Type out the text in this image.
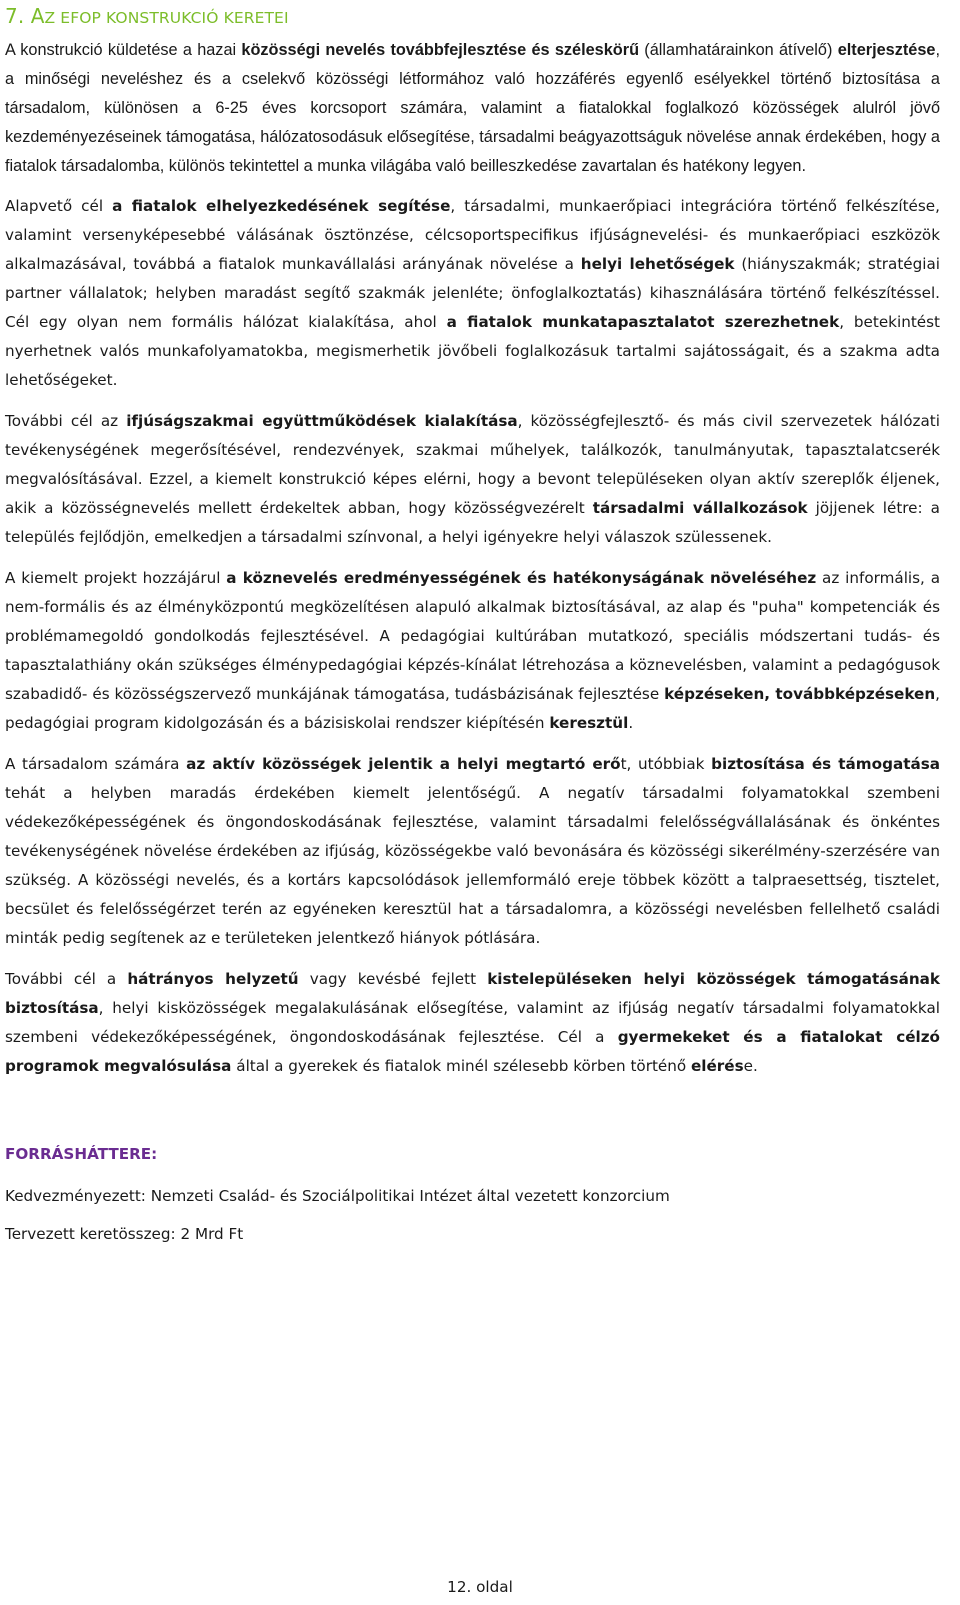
7. AZ EFOP KONSTRUKCIÓ KERETEI

A konstrukció küldetése a hazai közösségi nevelés továbbfejlesztése és széleskörű (államhatárainkon átívelő) elterjesztése, a minőségi neveléshez és a cselekvő közösségi létformához való hozzáférés egyenlő esélyekkel történő biztosítása a társadalom, különösen a 6-25 éves korcsoport számára, valamint a fiatalokkal foglalkozó közösségek alulról jövő kezdeményezéseinek támogatása, hálózatosodásuk elősegítése, társadalmi beágyazottságuk növelése annak érdekében, hogy a fiatalok társadalomba, különös tekintettel a munka világába való beilleszkedése zavartalan és hatékony legyen.

Alapvető cél a fiatalok elhelyezkedésének segítése, társadalmi, munkaerőpiaci integrációra történő felkészítése, valamint versenyképesebbé válásának ösztönzése, célcsoportspecifikus ifjúságnevelési- és munkaerőpiaci eszközök alkalmazásával, továbbá a fiatalok munkavállalási arányának növelése a helyi lehetőségek (hiányszakmák; stratégiai partner vállalatok; helyben maradást segítő szakmák jelenléte; önfoglalkoztatás) kihasználására történő felkészítéssel. Cél egy olyan nem formális hálózat kialakítása, ahol a fiatalok munkatapasztalatot szerezhetnek, betekintést nyerhetnek valós munkafolyamatokba, megismerhetik jövőbeli foglalkozásuk tartalmi sajátosságait, és a szakma adta lehetőségeket.

További cél az ifjúságszakmai együttműködések kialakítása, közösségfejlesztő- és más civil szervezetek hálózati tevékenységének megerősítésével, rendezvények, szakmai műhelyek, találkozók, tanulmányutak, tapasztalatcserék megvalósításával. Ezzel, a kiemelt konstrukció képes elérni, hogy a bevont településeken olyan aktív szereplők éljenek, akik a közösségnevelés mellett érdekeltek abban, hogy közösségvezérelt társadalmi vállalkozások jöjjenek létre: a település fejlődjön, emelkedjen a társadalmi színvonal, a helyi igényekre helyi válaszok szülessenek.

A kiemelt projekt hozzájárul a köznevelés eredményességének és hatékonyságának növeléséhez az informális, a nem-formális és az élményközpontú megközelítésen alapuló alkalmak biztosításával, az alap és "puha" kompetenciák és problémamegoldó gondolkodás fejlesztésével. A pedagógiai kultúrában mutatkozó, speciális módszertani tudás- és tapasztalathiány okán szükséges élménypedagógiai képzés-kínálat létrehozása a köznevelésben, valamint a pedagógusok szabadidő- és közösségszervező munkájának támogatása, tudásbázisának fejlesztése képzéseken, továbbképzéseken, pedagógiai program kidolgozásán és a bázisiskolai rendszer kiépítésén keresztül.

A társadalom számára az aktív közösségek jelentik a helyi megtartó erőt, utóbbiak biztosítása és támogatása tehát a helyben maradás érdekében kiemelt jelentőségű. A negatív társadalmi folyamatokkal szembeni védekezőképességének és öngondoskodásának fejlesztése, valamint társadalmi felelősségvállalásának és önkéntes tevékenységének növelése érdekében az ifjúság, közösségekbe való bevonására és közösségi sikerélmény-szerzésére van szükség. A közösségi nevelés, és a kortárs kapcsolódások jellemformáló ereje többek között a talpraesettség, tisztelet, becsület és felelősségérzet terén az egyéneken keresztül hat a társadalomra, a közösségi nevelésben fellelhető családi minták pedig segítenek az e területeken jelentkező hiányok pótlására.

További cél a hátrányos helyzetű vagy kevésbé fejlett kistelepüléseken helyi közösségek támogatásának biztosítása, helyi kisközösségek megalakulásának elősegítése, valamint az ifjúság negatív társadalmi folyamatokkal szembeni védekezőképességének, öngondoskodásának fejlesztése. Cél a gyermekeket és a fiatalokat célzó programok megvalósulása által a gyerekek és fiatalok minél szélesebb körben történő elérése.

FORRÁSHÁTTERE:

Kedvezményezett: Nemzeti Család- és Szociálpolitikai Intézet által vezetett konzorcium

Tervezett keretösszeg: 2 Mrd Ft

12. oldal
